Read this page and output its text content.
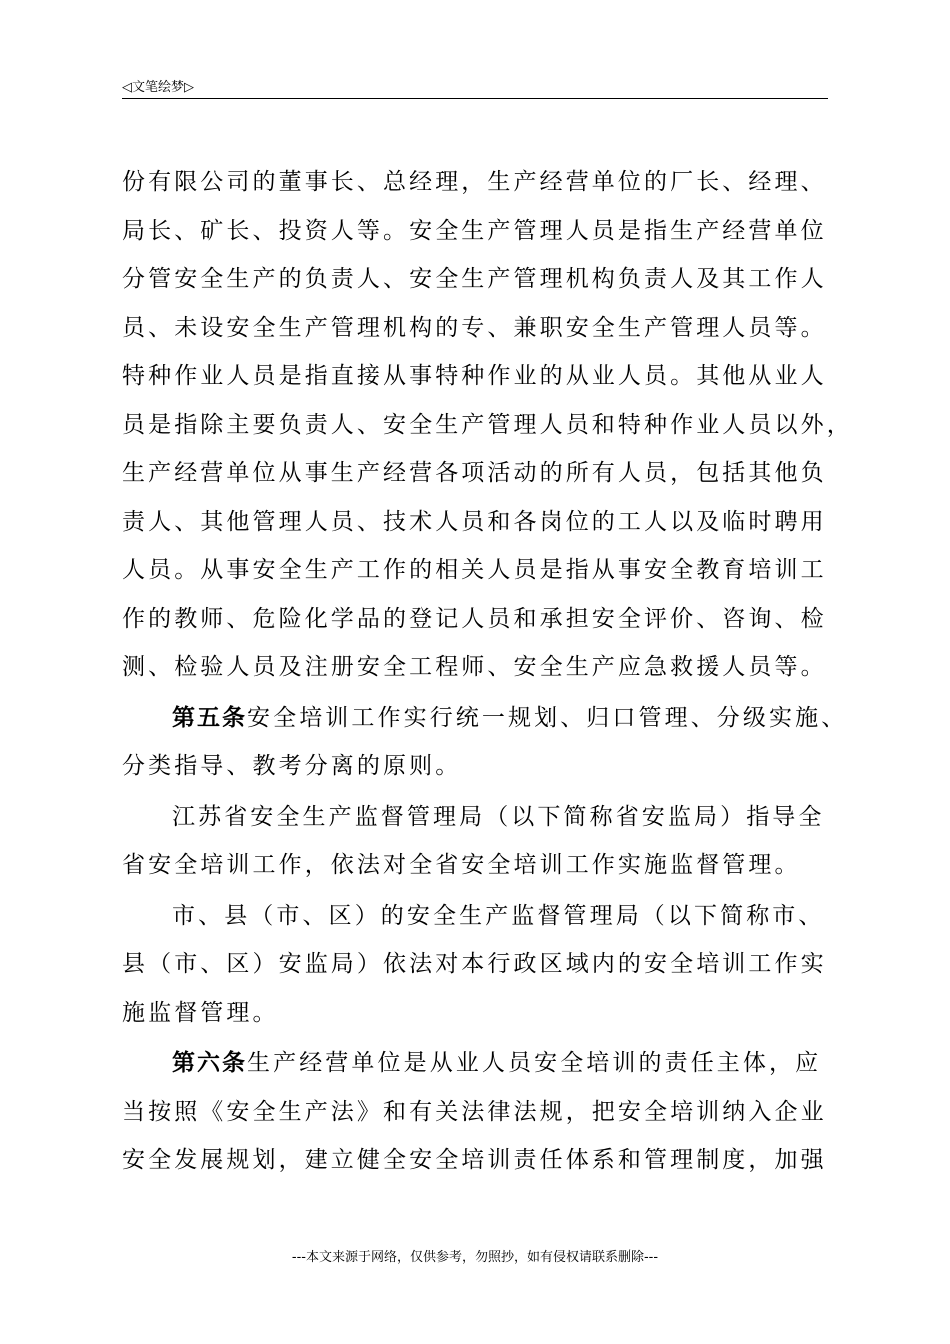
◁文笔绘梦▷
份有限公司的董事长、总经理，生产经营单位的厂长、经理、
局长、矿长、投资人等。安全生产管理人员是指生产经营单位
分管安全生产的负责人、安全生产管理机构负责人及其工作人
员、未设安全生产管理机构的专、兼职安全生产管理人员等。
特种作业人员是指直接从事特种作业的从业人员。其他从业人
员是指除主要负责人、安全生产管理人员和特种作业人员以外，
生产经营单位从事生产经营各项活动的所有人员，包括其他负
责人、其他管理人员、技术人员和各岗位的工人以及临时聘用
人员。从事安全生产工作的相关人员是指从事安全教育培训工
作的教师、危险化学品的登记人员和承担安全评价、咨询、检
测、检验人员及注册安全工程师、安全生产应急救援人员等。
第五条安全培训工作实行统一规划、归口管理、分级实施、
分类指导、教考分离的原则。
江苏省安全生产监督管理局（以下简称省安监局）指导全
省安全培训工作，依法对全省安全培训工作实施监督管理。
市、县（市、区）的安全生产监督管理局（以下简称市、
县（市、区）安监局）依法对本行政区域内的安全培训工作实
施监督管理。
第六条生产经营单位是从业人员安全培训的责任主体，应
当按照《安全生产法》和有关法律法规，把安全培训纳入企业
安全发展规划，建立健全安全培训责任体系和管理制度，加强
---本文来源于网络，仅供参考，勿照抄，如有侵权请联系删除---
